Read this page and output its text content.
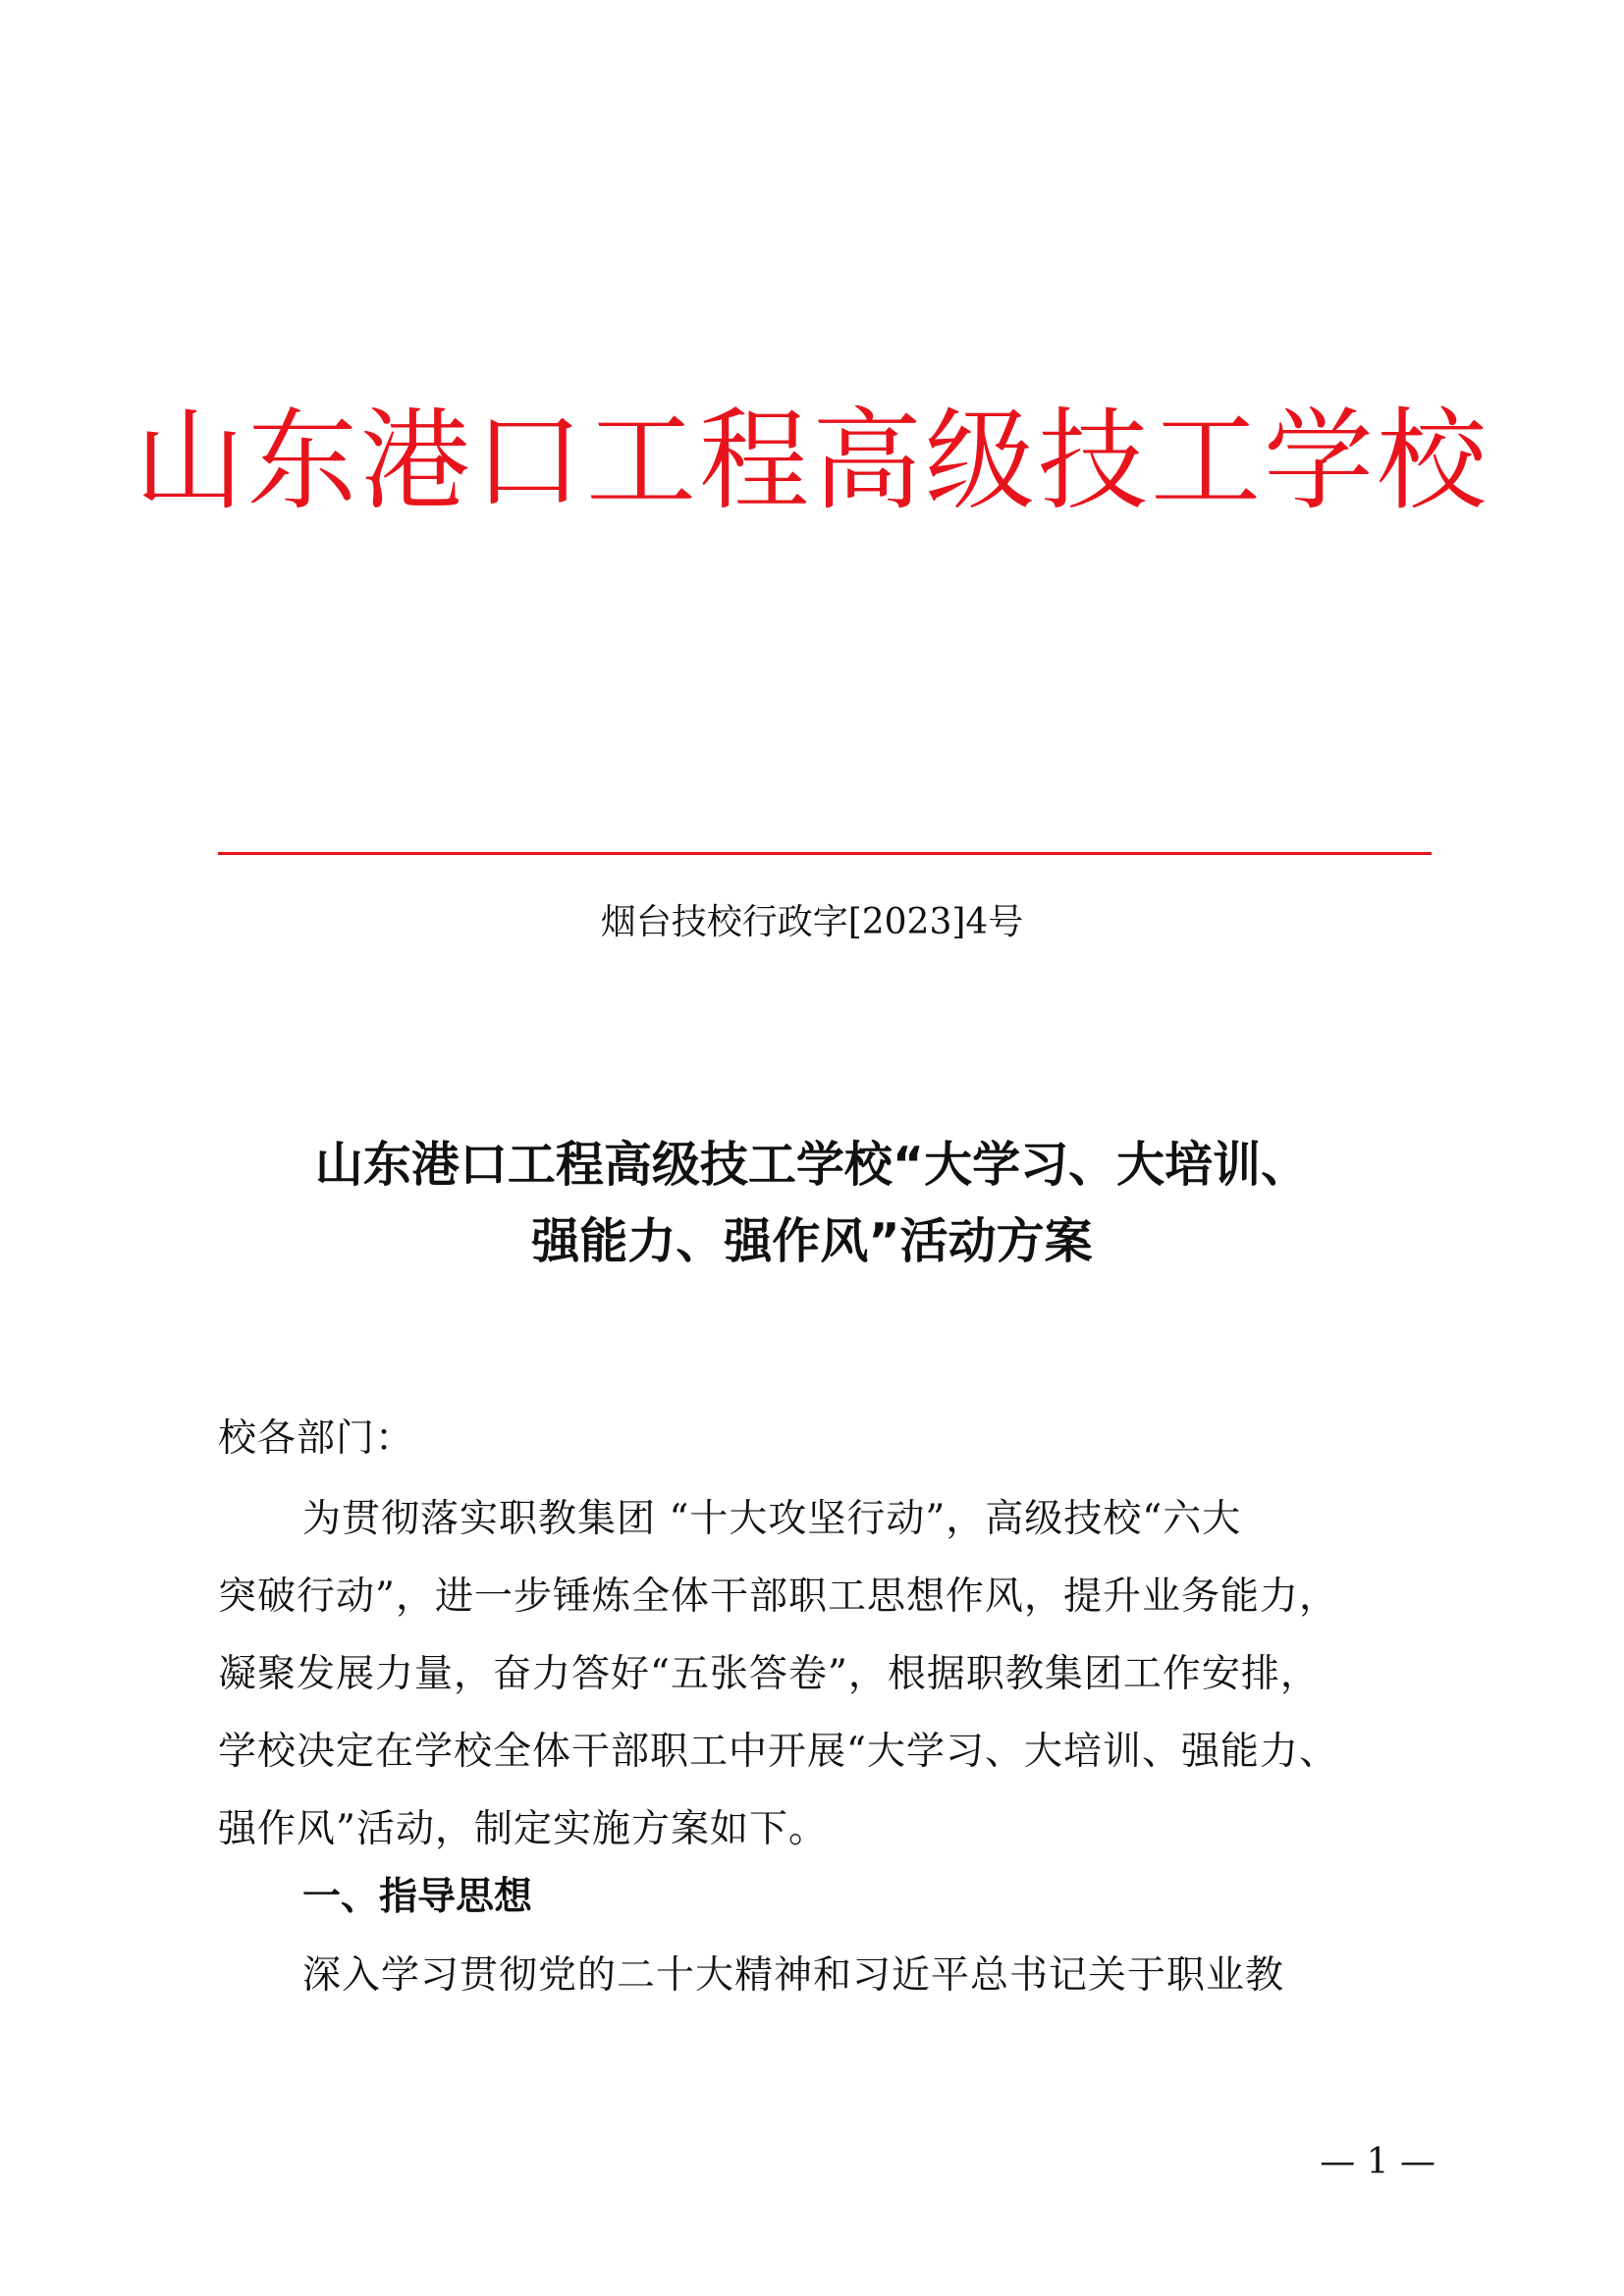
山东港口工程高级技工学校
烟台技校行政字[2023]4号
山东港口工程高级技工学校“大学习、大培训、
强能力、强作风”活动方案
校各部门：
为贯彻落实职教集团 “十大攻坚行动”，高级技校“六大
突破行动”，进一步锤炼全体干部职工思想作风，提升业务能力，
凝聚发展力量，奋力答好“五张答卷”，根据职教集团工作安排，
学校决定在学校全体干部职工中开展“大学习、大培训、强能力、
强作风”活动，制定实施方案如下。
一、指导思想
深入学习贯彻党的二十大精神和习近平总书记关于职业教
— 1 —
